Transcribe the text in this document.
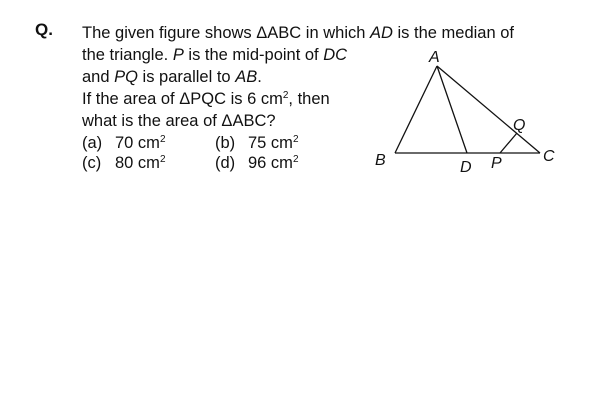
Q. The given figure shows ΔABC in which AD is the median of
the triangle. P is the mid-point of DC
and PQ is parallel to AB.
If the area of ΔPQC is 6 $cm^2$, then
what is the area of ΔABC?
(a) 70 $cm^2$	(b) 75 $cm^2$
(c) 80 $cm^2$	(d) 96 $cm^2$
A
B	C
D P
Q
